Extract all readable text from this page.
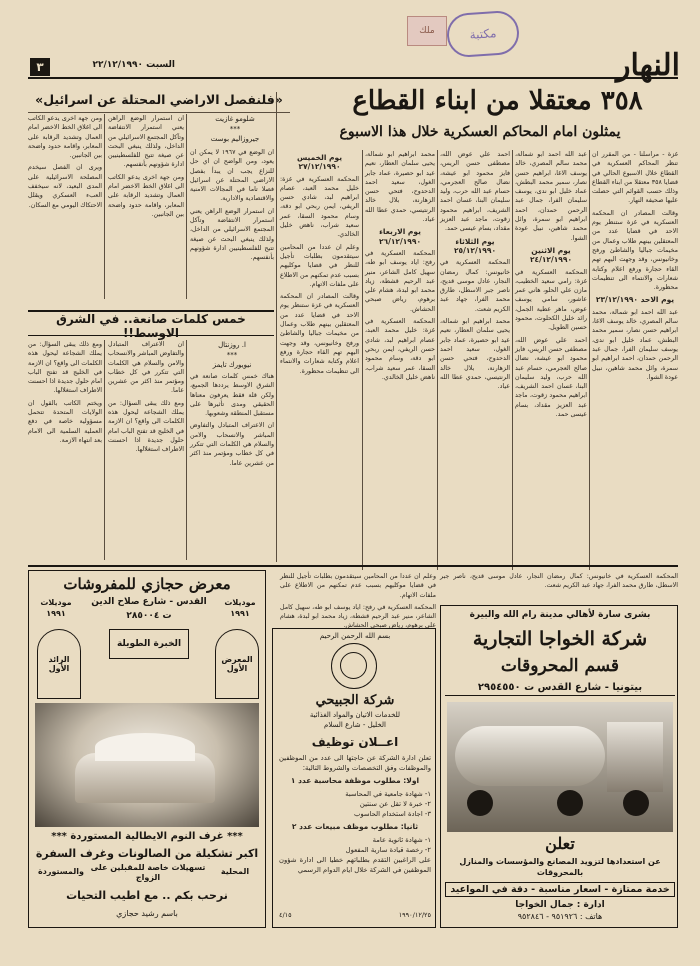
مكتبة
ملك
٣	السبت ٢٢/١٢/١٩٩٠	النهار
٣٥٨ معتقلا من ابناء القطاع
يمثلون امام المحاكم العسكرية خلال هذا الاسبوع
«فلنفصل الاراضي المحتلة عن اسرائيل»

غزة - مراسلنا - من المقرر ان تنظر المحاكم العسكرية في القطاع خلال الاسبوع الحالي في قضايا ٣٥٨ معتقلا من ابناء القطاع وذلك حسب القوائم التي حصلت عليها صحيفة النهار.

وقالت المصادر ان المحكمة العسكرية في غزة ستنظر يوم الاحد في قضايا عدد من المعتقلين بينهم طلاب وعمال من مخيمات جباليا والشاطئ ورفح وخانيونس، وقد وجهت اليهم تهم القاء حجارة ورفع اعلام وكتابة شعارات والانتماء الى تنظيمات محظورة.

يوم الاحد ٢٣/١٢/١٩٩٠

عبد الله احمد ابو شمالة، محمد سالم المصري، خالد يوسف الاغا، ابراهيم حسن نصار، سمير محمد البطش، عماد خليل ابو ندى، يوسف سليمان الفرا، جمال عبد الرحمن حمدان، احمد ابراهيم ابو سمرة، وائل محمد شاهين، نبيل عودة الشوا.

عبد الله احمد ابو شمالة، محمد سالم المصري، خالد يوسف الاغا، ابراهيم حسن نصار، سمير محمد البطش، عماد خليل ابو ندى، يوسف سليمان الفرا، جمال عبد الرحمن حمدان، احمد ابراهيم ابو سمرة، وائل محمد شاهين، نبيل عودة الشوا.

يوم الاثنين ٢٤/١٢/١٩٩٠

المحكمة العسكرية في غزة: رامي سعيد الخطيب، مازن علي الحلو، هاني عمر عاشور، سامي يوسف عوض، ماهر عطية الجمل، رائد خليل الكحلوت، محمود حسين الطويل.

احمد علي عوض الله، مصطفى حسن الريس، فايز محمود ابو عيشة، نضال صالح العجرمي، حسام عبد الله حرب، وليد سليمان البنا، غسان احمد الشريف، ابراهيم محمود زقوت، ماجد عبد العزيز مقداد، بسام عيسى حمد.

احمد علي عوض الله، مصطفى حسن الريس، فايز محمود ابو عيشة، نضال صالح العجرمي، حسام عبد الله حرب، وليد سليمان البنا، غسان احمد الشريف، ابراهيم محمود زقوت، ماجد عبد العزيز مقداد، بسام عيسى حمد.

يوم الثلاثاء ٢٥/١٢/١٩٩٠

المحكمة العسكرية في خانيونس: كمال رمضان النجار، عادل موسى قديح، ناصر جبر الاسطل، طارق محمد الفرا، جهاد عبد الكريم شعت.

محمد ابراهيم ابو شمالة، يحيى سلمان العطار، نعيم عيد ابو حصيرة، عماد جابر الغول، سعيد احمد الدحدوح، فتحي حسن الزهارنة، بلال خالد الرنتيسي، حمدي عطا الله عياد.

محمد ابراهيم ابو شمالة، يحيى سلمان العطار، نعيم عيد ابو حصيرة، عماد جابر الغول، سعيد احمد الدحدوح، فتحي حسن الزهارنة، بلال خالد الرنتيسي، حمدي عطا الله عياد.

يوم الاربعاء ٢٦/١٢/١٩٩٠

المحكمة العسكرية في رفح: اياد يوسف ابو طه، سهيل كامل الشاعر، منير عبد الرحيم قشطة، زياد محمد ابو لبدة، هشام علي برهوم، رياض صبحي الحشاش.

المحكمة العسكرية في غزة: خليل محمد العبد، عصام ابراهيم لبد، شادي حسن الريفي، ايمن ربحي ابو دقة، وسام محمود السقا، عمر سعيد شراب، ناهض خليل الخالدي.

يوم الخميس ٢٧/١٢/١٩٩٠

المحكمة العسكرية في غزة: خليل محمد العبد، عصام ابراهيم لبد، شادي حسن الريفي، ايمن ربحي ابو دقة، وسام محمود السقا، عمر سعيد شراب، ناهض خليل الخالدي.

وعلم ان عددا من المحامين سيتقدمون بطلبات تأجيل للنظر في قضايا موكليهم بسبب عدم تمكنهم من الاطلاع على ملفات الاتهام.

وقالت المصادر ان المحكمة العسكرية في غزة ستنظر يوم الاحد في قضايا عدد من المعتقلين بينهم طلاب وعمال من مخيمات جباليا والشاطئ ورفح وخانيونس، وقد وجهت اليهم تهم القاء حجارة ورفع اعلام وكتابة شعارات والانتماء الى تنظيمات محظورة.

شلومو غازيت
***
جيروزاليم بوست

ان الوضع في ١٩٦٧ لا يمكن ان يعود، ومن الواضح ان اي حل للنزاع يجب ان يبدأ بفصل الاراضي المحتلة عن اسرائيل فصلا تاما في المجالات الامنية والاقتصادية والادارية.

ان استمرار الوضع الراهن يعني استمرار الانتفاضة وتآكل المجتمع الاسرائيلي من الداخل، ولذلك ينبغي البحث عن صيغة تتيح للفلسطينيين ادارة شؤونهم بأنفسهم.

ان استمرار الوضع الراهن يعني استمرار الانتفاضة وتآكل المجتمع الاسرائيلي من الداخل، ولذلك ينبغي البحث عن صيغة تتيح للفلسطينيين ادارة شؤونهم بأنفسهم.

ومن جهة اخرى يدعو الكاتب الى اغلاق الخط الاخضر امام العمال وتشديد الرقابة على المعابر، واقامة حدود واضحة بين الجانبين.

ومن جهة اخرى يدعو الكاتب الى اغلاق الخط الاخضر امام العمال وتشديد الرقابة على المعابر، واقامة حدود واضحة بين الجانبين.

ويرى ان الفصل سيخدم المصلحة الاسرائيلية على المدى البعيد، لانه سيخفف العبء العسكري ويقلل الاحتكاك اليومي مع السكان.

خمس كلمات صانعة.. في الشرق الاوسط!!
ا. روزنتال
***
نيويورك تايمز

هناك خمس كلمات صانعة في الشرق الاوسط يرددها الجميع، ولكن قلة فقط يعرفون معناها الحقيقي ومدى تأثيرها على مستقبل المنطقة وشعوبها.

ان الاعتراف المتبادل والتفاوض المباشر والانسحاب والامن والسلام هي الكلمات التي تتكرر في كل خطاب ومؤتمر منذ اكثر من عشرين عاما.

ان الاعتراف المتبادل والتفاوض المباشر والانسحاب والامن والسلام هي الكلمات التي تتكرر في كل خطاب ومؤتمر منذ اكثر من عشرين عاما.

ومع ذلك يبقى السؤال: من يملك الشجاعة ليحول هذه الكلمات الى واقع؟ ان الازمة في الخليج قد تفتح الباب امام حلول جديدة اذا احسنت الاطراف استغلالها.

ومع ذلك يبقى السؤال: من يملك الشجاعة ليحول هذه الكلمات الى واقع؟ ان الازمة في الخليج قد تفتح الباب امام حلول جديدة اذا احسنت الاطراف استغلالها.

ويختم الكاتب بالقول ان الولايات المتحدة تتحمل مسؤولية خاصة في دفع العملية السلمية الى الامام بعد انتهاء الازمة.

معرض حجازي للمفروشات
موديلات
١٩٩١
موديلات
١٩٩١
القدس - شارع صلاح الدين
ت ٢٨٥٠٠٤
المعرض الأول
الخبرة الطويلة
الرائد الأول
*** غرف النوم الايطالية المستوردة ***
اكبر تشكيلة من الصالونات وغرف السفرة
المحلية
والمستوردة تسهيلات خاصة للمقبلين على الزواج
نرحب بكم .. مع اطيب التحيات
باسم رشيد حجازي
بسم الله الرحمن الرحيم
شركة الجبيحي
للخدمات الاتيان والمواد الغذائية
الخليل - شارع السلام
اعــلان توظيف

تعلن ادارة الشركة عن حاجتها الى عدد من الموظفين والموظفات وفق التخصصات والشروط التالية:

اولا: مطلوب موظفة محاسبة عدد ١
١- شهادة جامعية في المحاسبة
٢- خبرة لا تقل عن سنتين
٣- اجادة استخدام الحاسوب
ثانيا: مطلوب موظف مبيعات عدد ٢
١- شهادة ثانوية عامة
٢- رخصة قيادة سارية المفعول

على الراغبين التقدم بطلباتهم خطيا الى ادارة شؤون الموظفين في الشركة خلال ايام الدوام الرسمي

٤/١٥	١٩٩٠/١٢/٢٥

وعلم ان عددا من المحامين سيتقدمون بطلبات تأجيل للنظر في قضايا موكليهم بسبب عدم تمكنهم من الاطلاع على ملفات الاتهام.

المحكمة العسكرية في رفح: اياد يوسف ابو طه، سهيل كامل الشاعر، منير عبد الرحيم قشطة، زياد محمد ابو لبدة، هشام علي برهوم، رياض صبحي الحشاش.

المحكمة العسكرية في خانيونس: كمال رمضان النجار، عادل موسى قديح، ناصر جبر الاسطل، طارق محمد الفرا، جهاد عبد الكريم شعت.

بشرى سارة لأهالي مدينة رام الله والبيرة
شركة الخواجا التجارية
قسم المحروقات
بيتونيا - شارع القدس ت ٢٩٥٤٥٥٠
تعلن
عن استعدادها لتزويد المصانع والمؤسسات والمنازل بالمحروقات
خدمة ممتازة - اسعار مناسبة - دقة في المواعيد
ادارة : جمال الخواجا
هاتف : ٩٥١٩٢٦ - ٩٥٢٨٤٦
